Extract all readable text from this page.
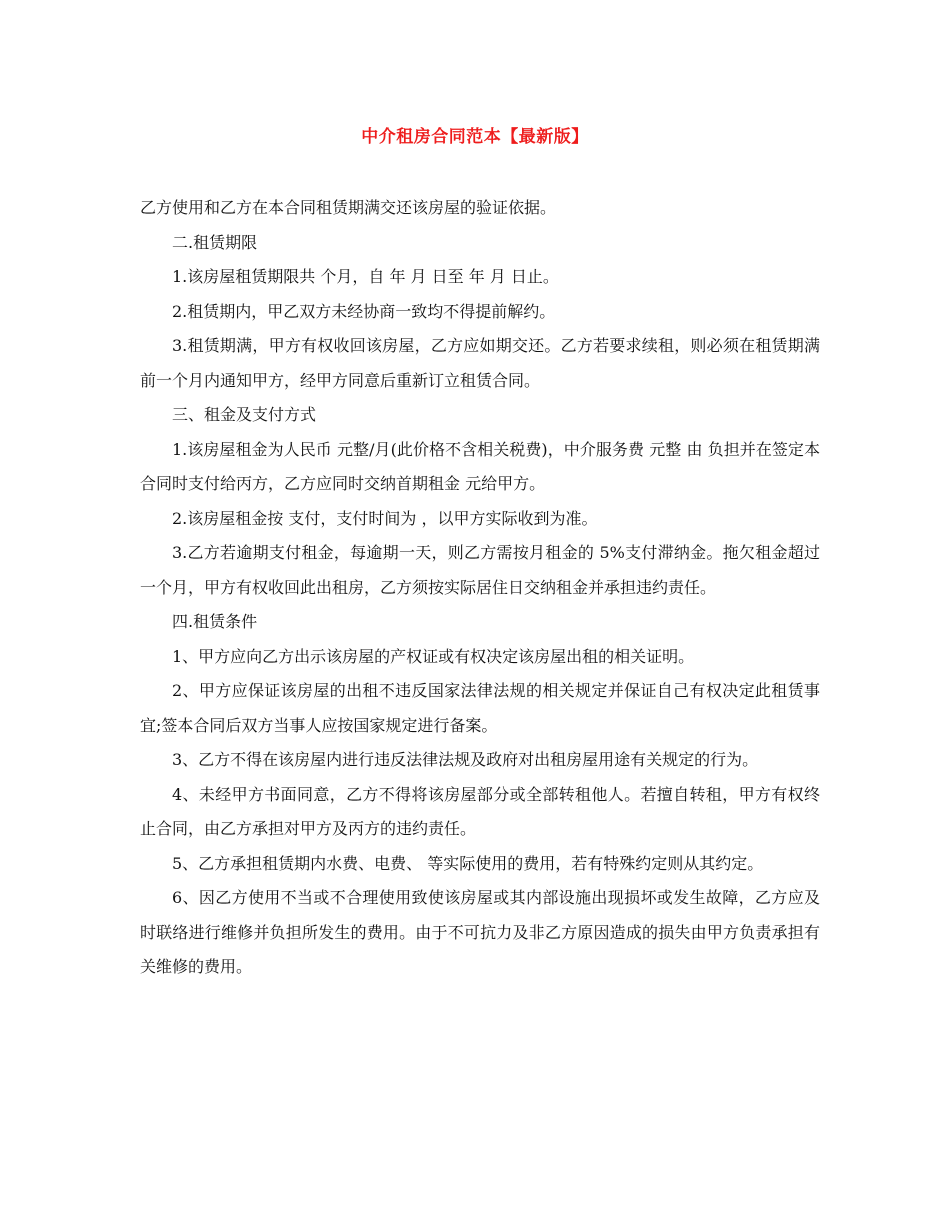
中介租房合同范本【最新版】

乙方使用和乙方在本合同租赁期满交还该房屋的验证依据。

二.租赁期限

1.该房屋租赁期限共 个月，自 年 月 日至 年 月 日止。

2.租赁期内，甲乙双方未经协商一致均不得提前解约。

3.租赁期满，甲方有权收回该房屋，乙方应如期交还。乙方若要求续租，则必须在租赁期满前一个月内通知甲方，经甲方同意后重新订立租赁合同。

三、租金及支付方式

1.该房屋租金为人民币 元整/月(此价格不含相关税费)，中介服务费 元整 由 负担并在签定本合同时支付给丙方，乙方应同时交纳首期租金 元给甲方。

2.该房屋租金按 支付，支付时间为 ，以甲方实际收到为准。

3.乙方若逾期支付租金，每逾期一天，则乙方需按月租金的 5%支付滞纳金。拖欠租金超过一个月，甲方有权收回此出租房，乙方须按实际居住日交纳租金并承担违约责任。

四.租赁条件

1、甲方应向乙方出示该房屋的产权证或有权决定该房屋出租的相关证明。

2、甲方应保证该房屋的出租不违反国家法律法规的相关规定并保证自己有权决定此租赁事宜;签本合同后双方当事人应按国家规定进行备案。

3、乙方不得在该房屋内进行违反法律法规及政府对出租房屋用途有关规定的行为。

4、未经甲方书面同意，乙方不得将该房屋部分或全部转租他人。若擅自转租，甲方有权终止合同，由乙方承担对甲方及丙方的违约责任。

5、乙方承担租赁期内水费、电费、 等实际使用的费用，若有特殊约定则从其约定。

6、因乙方使用不当或不合理使用致使该房屋或其内部设施出现损坏或发生故障，乙方应及时联络进行维修并负担所发生的费用。由于不可抗力及非乙方原因造成的损失由甲方负责承担有关维修的费用。
